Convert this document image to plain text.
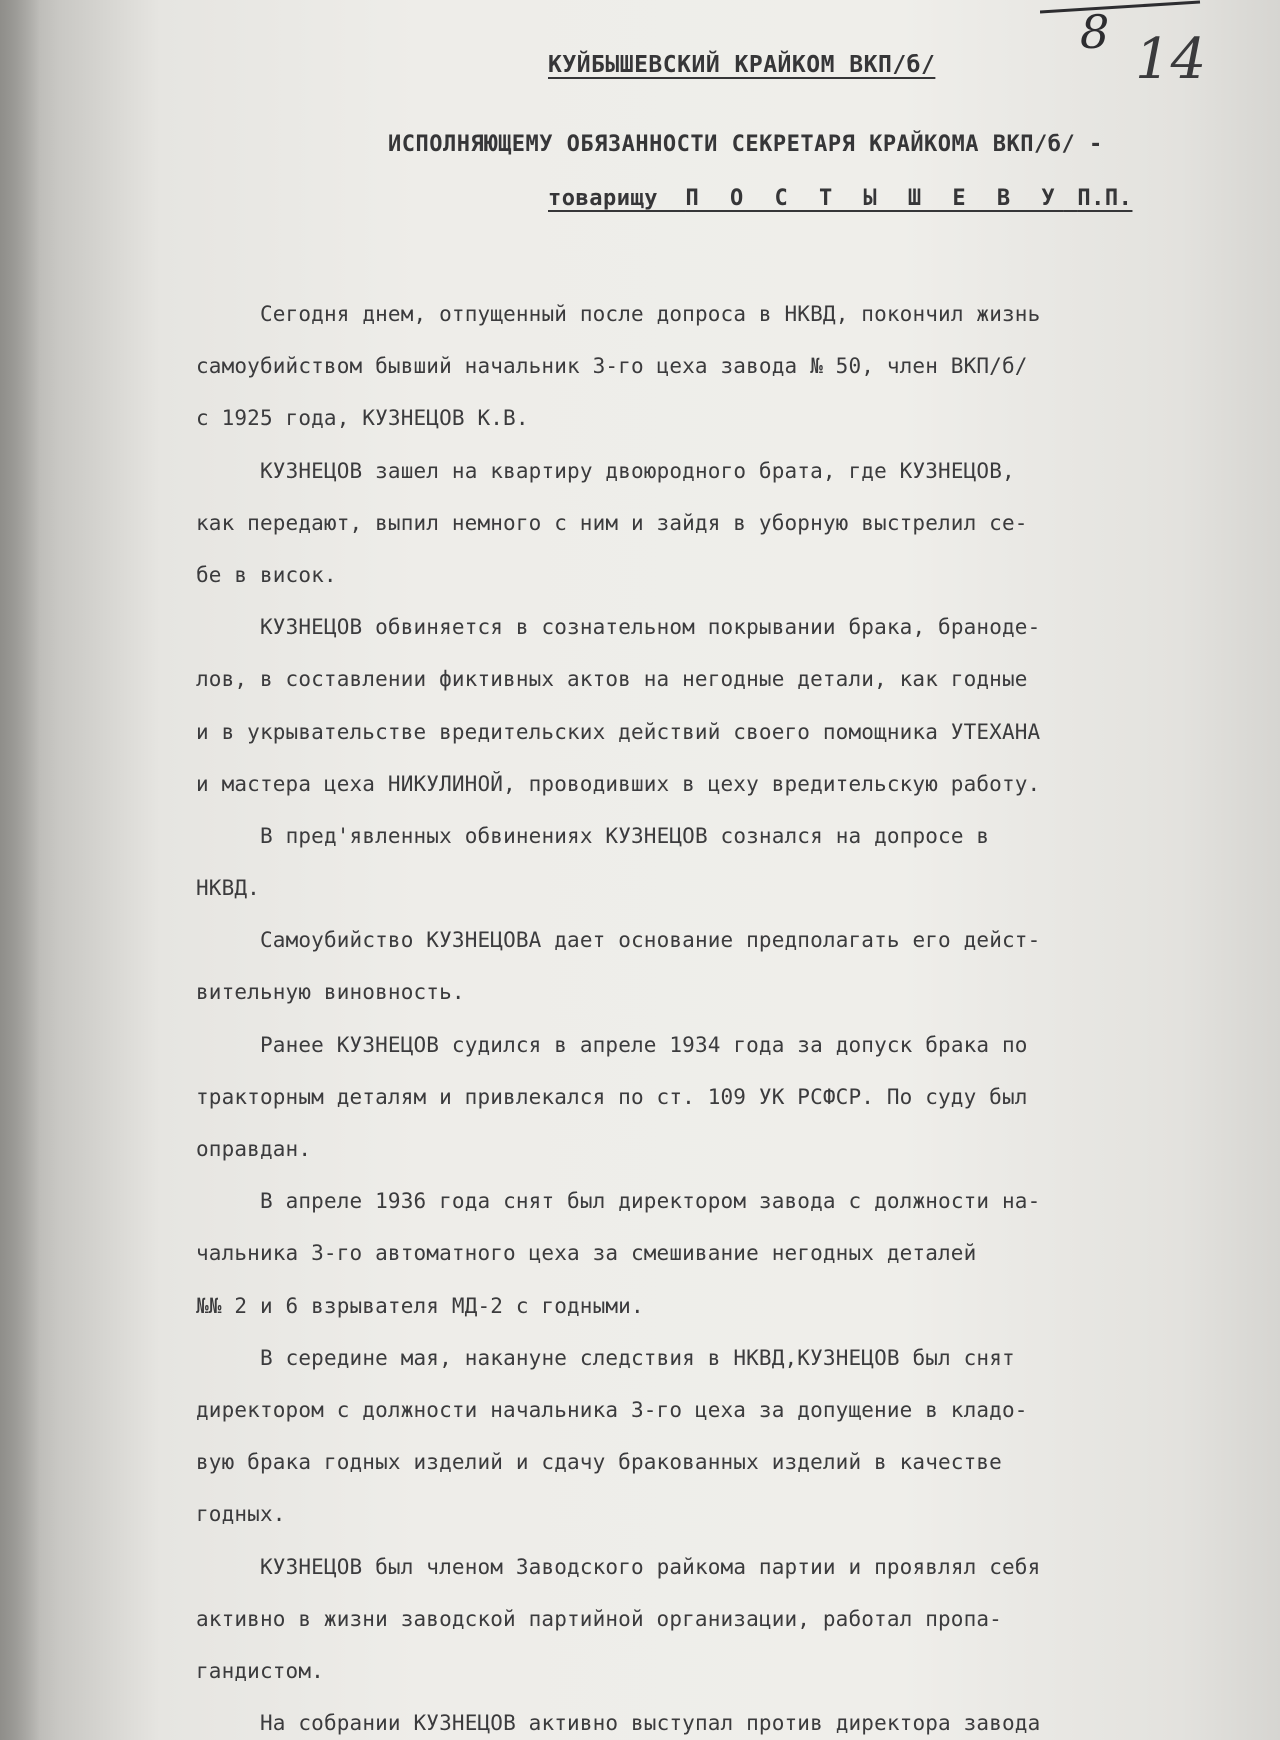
8 14
КУЙБЫШЕВСКИЙ КРАЙКОМ ВКП/б/
ИСПОЛНЯЮЩЕМУ ОБЯЗАННОСТИ СЕКРЕТАРЯ КРАЙКОМА ВКП/б/ -
товарищу П О С Т Ы Ш Е В У П.П.
Сегодня днем, отпущенный после допроса в НКВД, покончил жизнь
самоубийством бывший начальник 3-го цеха завода № 50, член ВКП/б/
с 1925 года, КУЗНЕЦОВ К.В.
КУЗНЕЦОВ зашел на квартиру двоюродного брата, где КУЗНЕЦОВ,
как передают, выпил немного с ним и зайдя в уборную выстрелил се-
бе в висок.
КУЗНЕЦОВ обвиняется в сознательном покрывании брака, браноде-
лов, в составлении фиктивных актов на негодные детали, как годные
и в укрывательстве вредительских действий своего помощника УТЕХАНА
и мастера цеха НИКУЛИНОЙ, проводивших в цеху вредительскую работу.
В пред'явленных обвинениях КУЗНЕЦОВ сознался на допросе в
НКВД.
Самоубийство КУЗНЕЦОВА дает основание предполагать его дейст-
вительную виновность.
Ранее КУЗНЕЦОВ судился в апреле 1934 года за допуск брака по
тракторным деталям и привлекался по ст. 109 УК РСФСР. По суду был
оправдан.
В апреле 1936 года снят был директором завода с должности на-
чальника 3-го автоматного цеха за смешивание негодных деталей
№№ 2 и 6 взрывателя МД-2 с годными.
В середине мая, накануне следствия в НКВД,КУЗНЕЦОВ был снят
директором с должности начальника 3-го цеха за допущение в кладо-
вую брака годных изделий и сдачу бракованных изделий в качестве
годных.
КУЗНЕЦОВ был членом Заводского райкома партии и проявлял себя
активно в жизни заводской партийной организации, работал пропа-
гандистом.
На собрании КУЗНЕЦОВ активно выступал против директора завода
